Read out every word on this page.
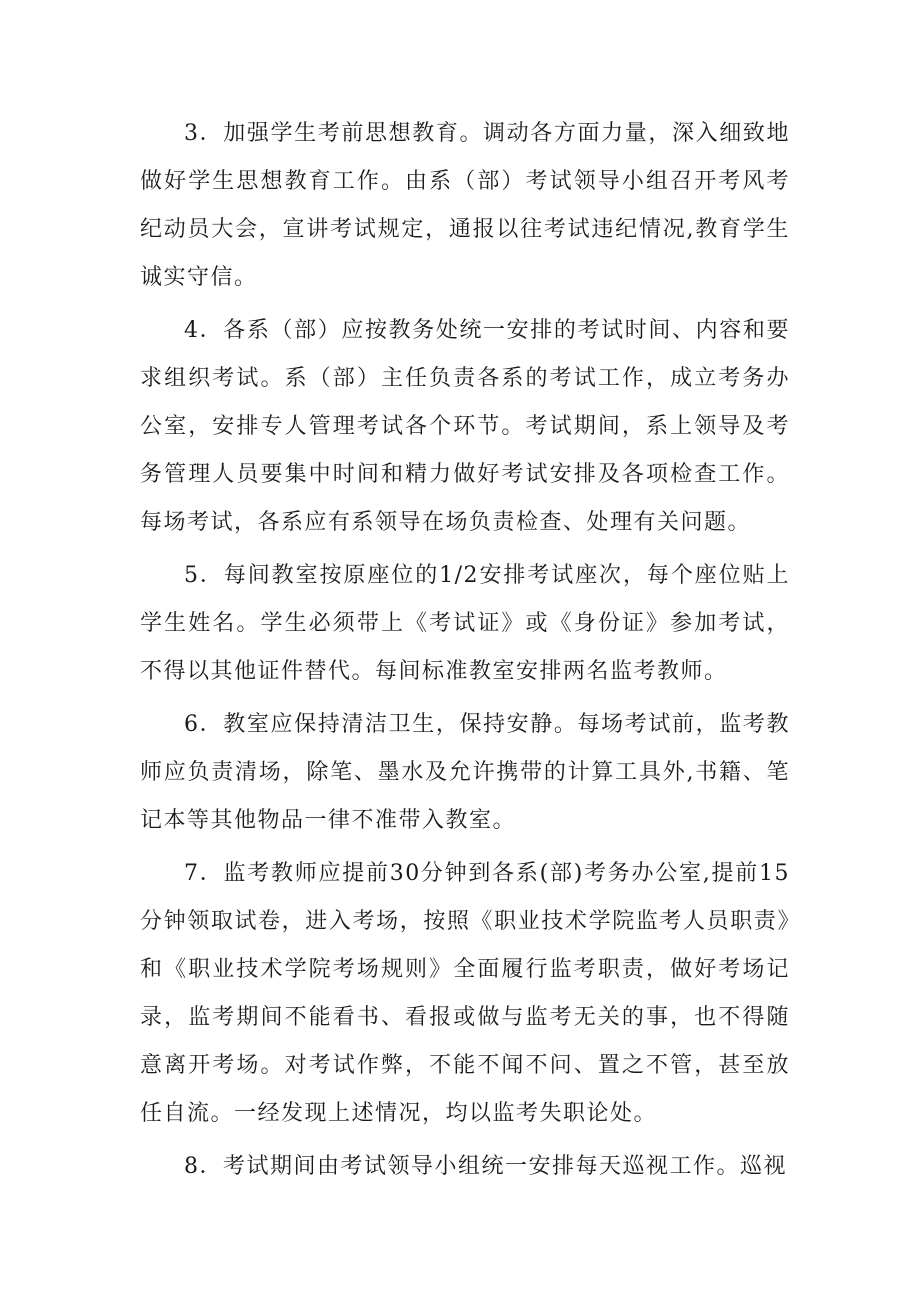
3．加强学生考前思想教育。调动各方面力量，深入细致地做好学生思想教育工作。由系（部）考试领导小组召开考风考纪动员大会，宣讲考试规定，通报以往考试违纪情况,教育学生诚实守信。

4．各系（部）应按教务处统一安排的考试时间、内容和要求组织考试。系（部）主任负责各系的考试工作，成立考务办公室，安排专人管理考试各个环节。考试期间，系上领导及考务管理人员要集中时间和精力做好考试安排及各项检查工作。每场考试，各系应有系领导在场负责检查、处理有关问题。

5．每间教室按原座位的1/2安排考试座次，每个座位贴上学生姓名。学生必须带上《考试证》或《身份证》参加考试，不得以其他证件替代。每间标准教室安排两名监考教师。

6．教室应保持清洁卫生，保持安静。每场考试前，监考教师应负责清场，除笔、墨水及允许携带的计算工具外,书籍、笔记本等其他物品一律不准带入教室。

7．监考教师应提前30分钟到各系(部)考务办公室,提前15分钟领取试卷，进入考场，按照《职业技术学院监考人员职责》和《职业技术学院考场规则》全面履行监考职责，做好考场记录，监考期间不能看书、看报或做与监考无关的事，也不得随意离开考场。对考试作弊，不能不闻不问、置之不管，甚至放任自流。一经发现上述情况，均以监考失职论处。

8．考试期间由考试领导小组统一安排每天巡视工作。巡视
